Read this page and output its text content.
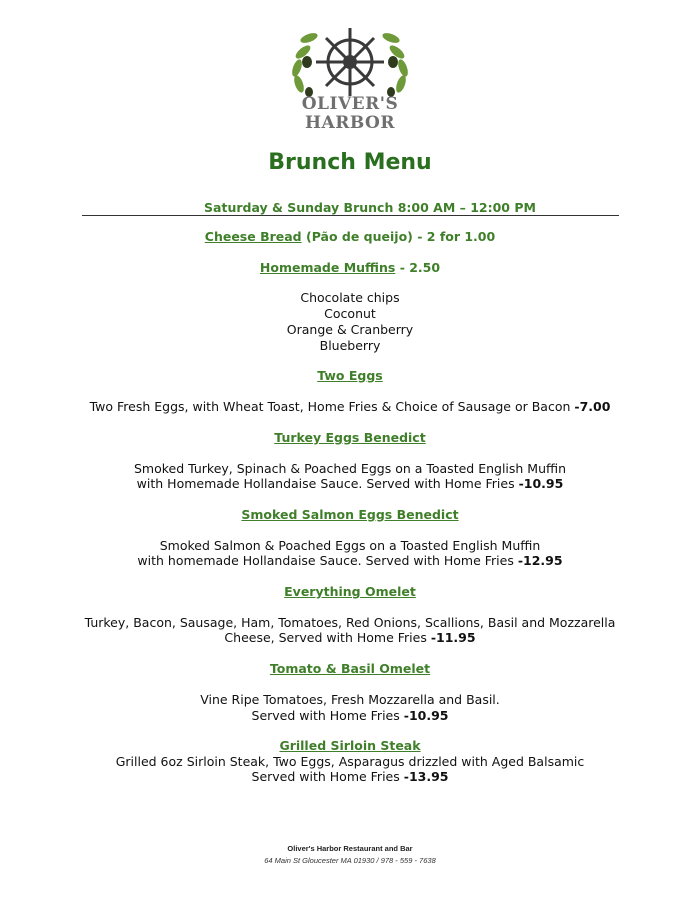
OLIVER'S
HARBOR
Brunch Menu
Saturday & Sunday Brunch 8:00 AM – 12:00 PM
Cheese Bread (Pão de queijo) - 2 for 1.00
Homemade Muffins - 2.50
Chocolate chips
Coconut
Orange & Cranberry
Blueberry
Two Eggs
Two Fresh Eggs, with Wheat Toast, Home Fries & Choice of Sausage or Bacon -7.00
Turkey Eggs Benedict
Smoked Turkey, Spinach & Poached Eggs on a Toasted English Muffin
with Homemade Hollandaise Sauce. Served with Home Fries -10.95
Smoked Salmon Eggs Benedict
Smoked Salmon & Poached Eggs on a Toasted English Muffin
with homemade Hollandaise Sauce. Served with Home Fries -12.95
Everything Omelet
Turkey, Bacon, Sausage, Ham, Tomatoes, Red Onions, Scallions, Basil and Mozzarella
Cheese, Served with Home Fries -11.95
Tomato & Basil Omelet
Vine Ripe Tomatoes, Fresh Mozzarella and Basil.
Served with Home Fries -10.95
Grilled Sirloin Steak
Grilled 6oz Sirloin Steak, Two Eggs, Asparagus drizzled with Aged Balsamic
Served with Home Fries -13.95
Oliver's Harbor Restaurant and Bar
64 Main St Gloucester MA 01930 / 978 - 559 - 7638
